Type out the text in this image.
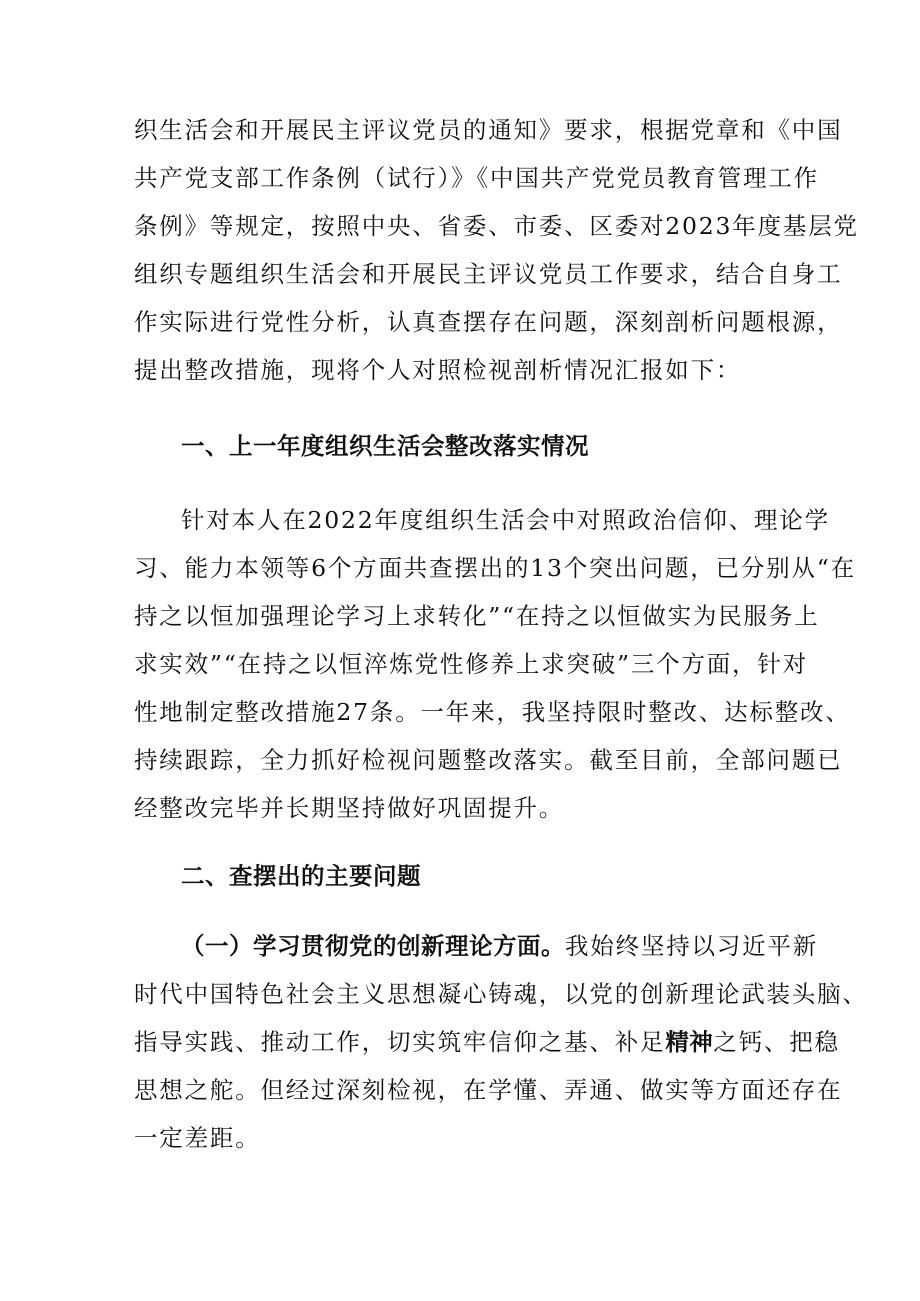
织生活会和开展民主评议党员的通知》要求，根据党章和《中国
共产党支部工作条例（试行）》《中国共产党党员教育管理工作
条例》等规定，按照中央、省委、市委、区委对2023年度基层党
组织专题组织生活会和开展民主评议党员工作要求，结合自身工
作实际进行党性分析，认真查摆存在问题，深刻剖析问题根源，
提出整改措施，现将个人对照检视剖析情况汇报如下：
一、上一年度组织生活会整改落实情况
针对本人在2022年度组织生活会中对照政治信仰、理论学
习、能力本领等6个方面共查摆出的13个突出问题，已分别从“在
持之以恒加强理论学习上求转化”“在持之以恒做实为民服务上
求实效”“在持之以恒淬炼党性修养上求突破”三个方面，针对
性地制定整改措施27条。一年来，我坚持限时整改、达标整改、
持续跟踪，全力抓好检视问题整改落实。截至目前，全部问题已
经整改完毕并长期坚持做好巩固提升。
二、查摆出的主要问题
（一）学习贯彻党的创新理论方面。我始终坚持以习近平新
时代中国特色社会主义思想凝心铸魂，以党的创新理论武装头脑、
指导实践、推动工作，切实筑牢信仰之基、补足精神之钙、把稳
思想之舵。但经过深刻检视，在学懂、弄通、做实等方面还存在
一定差距。
